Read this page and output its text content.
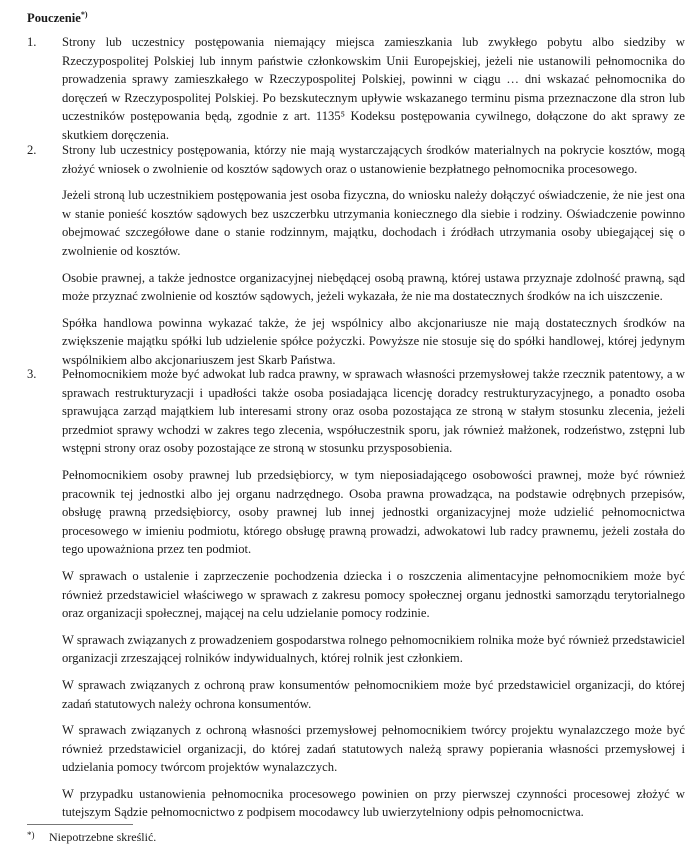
Pouczenie*)
1.	Strony lub uczestnicy postępowania niemający miejsca zamieszkania lub zwykłego pobytu albo siedziby w Rzeczypospolitej Polskiej lub innym państwie członkowskim Unii Europejskiej, jeżeli nie ustanowili pełnomocnika do prowadzenia sprawy zamieszkałego w Rzeczypospolitej Polskiej, powinni w ciągu … dni wskazać pełnomocnika do doręczeń w Rzeczypospolitej Polskiej. Po bezskutecznym upływie wskazanego terminu pisma przeznaczone dla stron lub uczestników postępowania będą, zgodnie z art. 1135⁵ Kodeksu postępowania cywilnego, dołączone do akt sprawy ze skutkiem doręczenia.

2.	Strony lub uczestnicy postępowania, którzy nie mają wystarczających środków materialnych na pokrycie kosztów, mogą złożyć wniosek o zwolnienie od kosztów sądowych oraz o ustanowienie bezpłatnego pełnomocnika procesowego.

Jeżeli stroną lub uczestnikiem postępowania jest osoba fizyczna, do wniosku należy dołączyć oświadczenie, że nie jest ona w stanie ponieść kosztów sądowych bez uszczerbku utrzymania koniecznego dla siebie i rodziny. Oświadczenie powinno obejmować szczegółowe dane o stanie rodzinnym, majątku, dochodach i źródłach utrzymania osoby ubiegającej się o zwolnienie od kosztów.

Osobie prawnej, a także jednostce organizacyjnej niebędącej osobą prawną, której ustawa przyznaje zdolność prawną, sąd może przyznać zwolnienie od kosztów sądowych, jeżeli wykazała, że nie ma dostatecznych środków na ich uiszczenie.

Spółka handlowa powinna wykazać także, że jej wspólnicy albo akcjonariusze nie mają dostatecznych środków na zwiększenie majątku spółki lub udzielenie spółce pożyczki. Powyższe nie stosuje się do spółki handlowej, której jedynym wspólnikiem albo akcjonariuszem jest Skarb Państwa.

3.	Pełnomocnikiem może być adwokat lub radca prawny, w sprawach własności przemysłowej także rzecznik patentowy, a w sprawach restrukturyzacji i upadłości także osoba posiadająca licencję doradcy restrukturyzacyjnego, a ponadto osoba sprawująca zarząd majątkiem lub interesami strony oraz osoba pozostająca ze stroną w stałym stosunku zlecenia, jeżeli przedmiot sprawy wchodzi w zakres tego zlecenia, współuczestnik sporu, jak również małżonek, rodzeństwo, zstępni lub wstępni strony oraz osoby pozostające ze stroną w stosunku przysposobienia.

Pełnomocnikiem osoby prawnej lub przedsiębiorcy, w tym nieposiadającego osobowości prawnej, może być również pracownik tej jednostki albo jej organu nadrzędnego. Osoba prawna prowadząca, na podstawie odrębnych przepisów, obsługę prawną przedsiębiorcy, osoby prawnej lub innej jednostki organizacyjnej może udzielić pełnomocnictwa procesowego w imieniu podmiotu, którego obsługę prawną prowadzi, adwokatowi lub radcy prawnemu, jeżeli została do tego upoważniona przez ten podmiot.

W sprawach o ustalenie i zaprzeczenie pochodzenia dziecka i o roszczenia alimentacyjne pełnomocnikiem może być również przedstawiciel właściwego w sprawach z zakresu pomocy społecznej organu jednostki samorządu terytorialnego oraz organizacji społecznej, mającej na celu udzielanie pomocy rodzinie.

W sprawach związanych z prowadzeniem gospodarstwa rolnego pełnomocnikiem rolnika może być również przedstawiciel organizacji zrzeszającej rolników indywidualnych, której rolnik jest członkiem.

W sprawach związanych z ochroną praw konsumentów pełnomocnikiem może być przedstawiciel organizacji, do której zadań statutowych należy ochrona konsumentów.

W sprawach związanych z ochroną własności przemysłowej pełnomocnikiem twórcy projektu wynalazczego może być również przedstawiciel organizacji, do której zadań statutowych należą sprawy popierania własności przemysłowej i udzielania pomocy twórcom projektów wynalazczych.

W przypadku ustanowienia pełnomocnika procesowego powinien on przy pierwszej czynności procesowej złożyć w tutejszym Sądzie pełnomocnictwo z podpisem mocodawcy lub uwierzytelniony odpis pełnomocnictwa.

*) Niepotrzebne skreślić.
